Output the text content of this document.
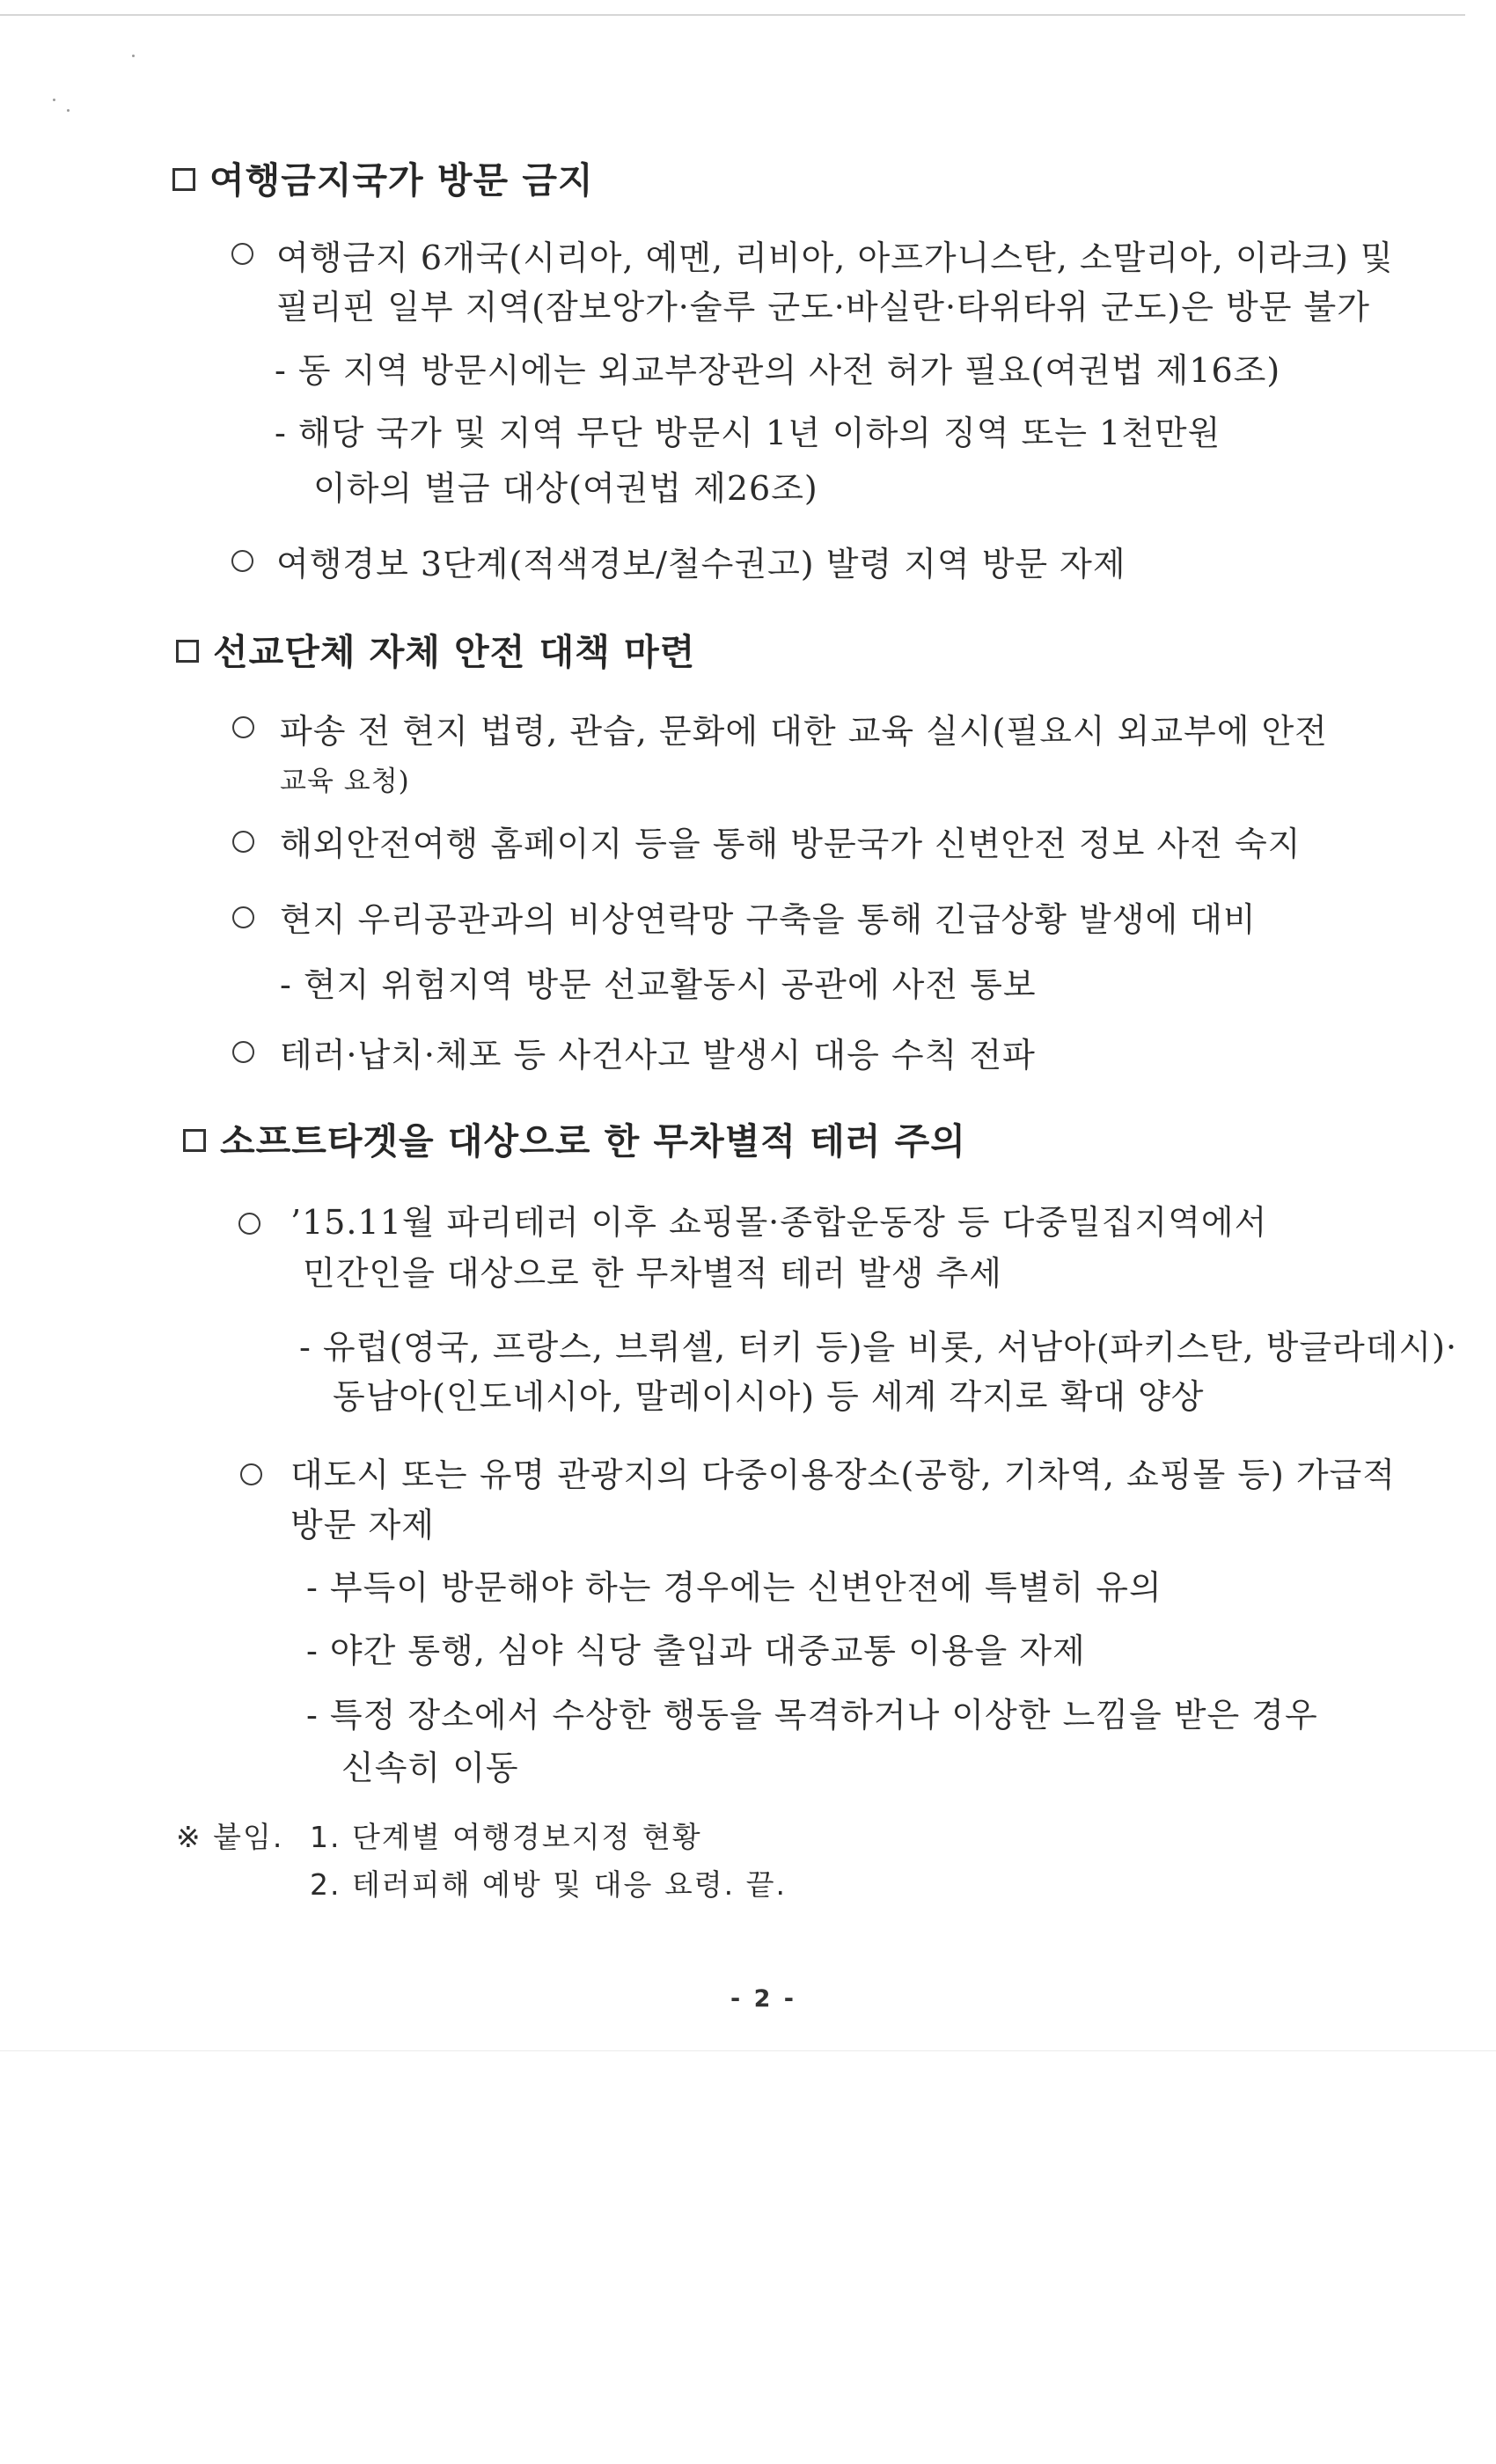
여행금지국가 방문 금지
여행금지 6개국(시리아, 예멘, 리비아, 아프가니스탄, 소말리아, 이라크) 및
필리핀 일부 지역(잠보앙가·술루 군도·바실란·타위타위 군도)은 방문 불가
- 동 지역 방문시에는 외교부장관의 사전 허가 필요(여권법 제16조)
- 해당 국가 및 지역 무단 방문시 1년 이하의 징역 또는 1천만원
이하의 벌금 대상(여권법 제26조)
여행경보 3단계(적색경보/철수권고) 발령 지역 방문 자제
선교단체 자체 안전 대책 마련
파송 전 현지 법령, 관습, 문화에 대한 교육 실시(필요시 외교부에 안전
교육 요청)
해외안전여행 홈페이지 등을 통해 방문국가 신변안전 정보 사전 숙지
현지 우리공관과의 비상연락망 구축을 통해 긴급상황 발생에 대비
- 현지 위험지역 방문 선교활동시 공관에 사전 통보
테러·납치·체포 등 사건사고 발생시 대응 수칙 전파
소프트타겟을 대상으로 한 무차별적 테러 주의
’15.11월 파리테러 이후 쇼핑몰·종합운동장 등 다중밀집지역에서
민간인을 대상으로 한 무차별적 테러 발생 추세
- 유럽(영국, 프랑스, 브뤼셀, 터키 등)을 비롯, 서남아(파키스탄, 방글라데시)·
동남아(인도네시아, 말레이시아) 등 세계 각지로 확대 양상
대도시 또는 유명 관광지의 다중이용장소(공항, 기차역, 쇼핑몰 등) 가급적
방문 자제
- 부득이 방문해야 하는 경우에는 신변안전에 특별히 유의
- 야간 통행, 심야 식당 출입과 대중교통 이용을 자제
- 특정 장소에서 수상한 행동을 목격하거나 이상한 느낌을 받은 경우
신속히 이동
※ 붙임. 1. 단계별 여행경보지정 현황
2. 테러피해 예방 및 대응 요령. 끝.
- 2 -
